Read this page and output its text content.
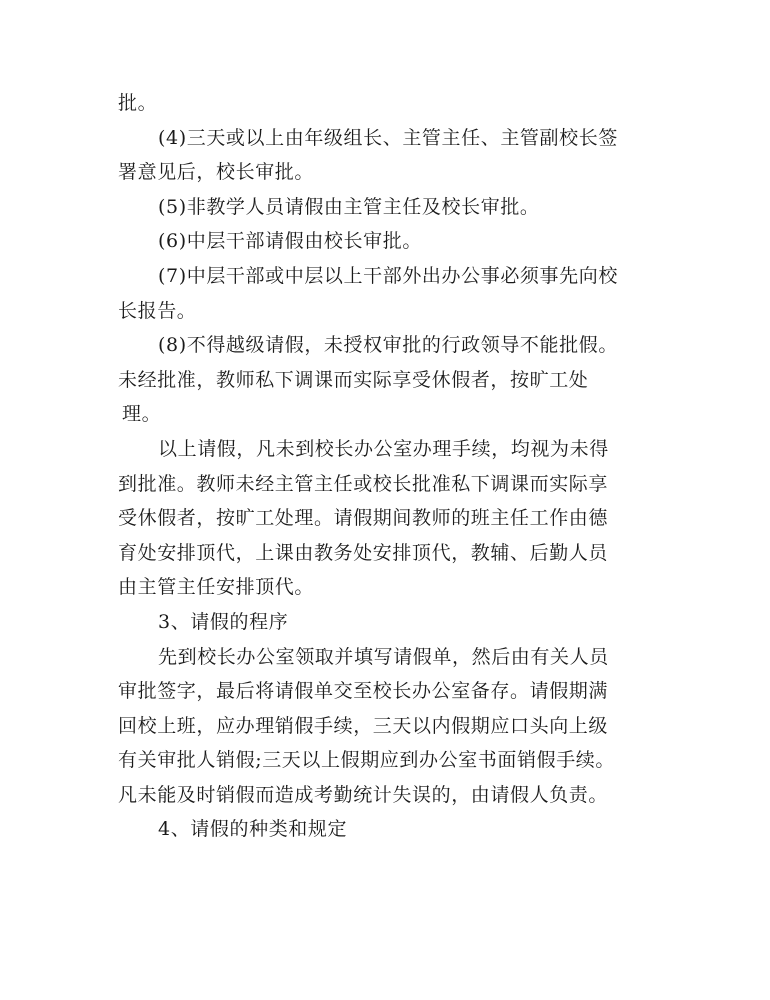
批。
(4)三天或以上由年级组长、主管主任、主管副校长签
署意见后，校长审批。
(5)非教学人员请假由主管主任及校长审批。
(6)中层干部请假由校长审批。
(7)中层干部或中层以上干部外出办公事必须事先向校
长报告。
(8)不得越级请假，未授权审批的行政领导不能批假。
未经批准，教师私下调课而实际享受休假者，按旷工处
理。
以上请假，凡未到校长办公室办理手续，均视为未得
到批准。教师未经主管主任或校长批准私下调课而实际享
受休假者，按旷工处理。请假期间教师的班主任工作由德
育处安排顶代，上课由教务处安排顶代，教辅、后勤人员
由主管主任安排顶代。
3、请假的程序
先到校长办公室领取并填写请假单，然后由有关人员
审批签字，最后将请假单交至校长办公室备存。请假期满
回校上班，应办理销假手续，三天以内假期应口头向上级
有关审批人销假;三天以上假期应到办公室书面销假手续。
凡未能及时销假而造成考勤统计失误的，由请假人负责。
4、请假的种类和规定
